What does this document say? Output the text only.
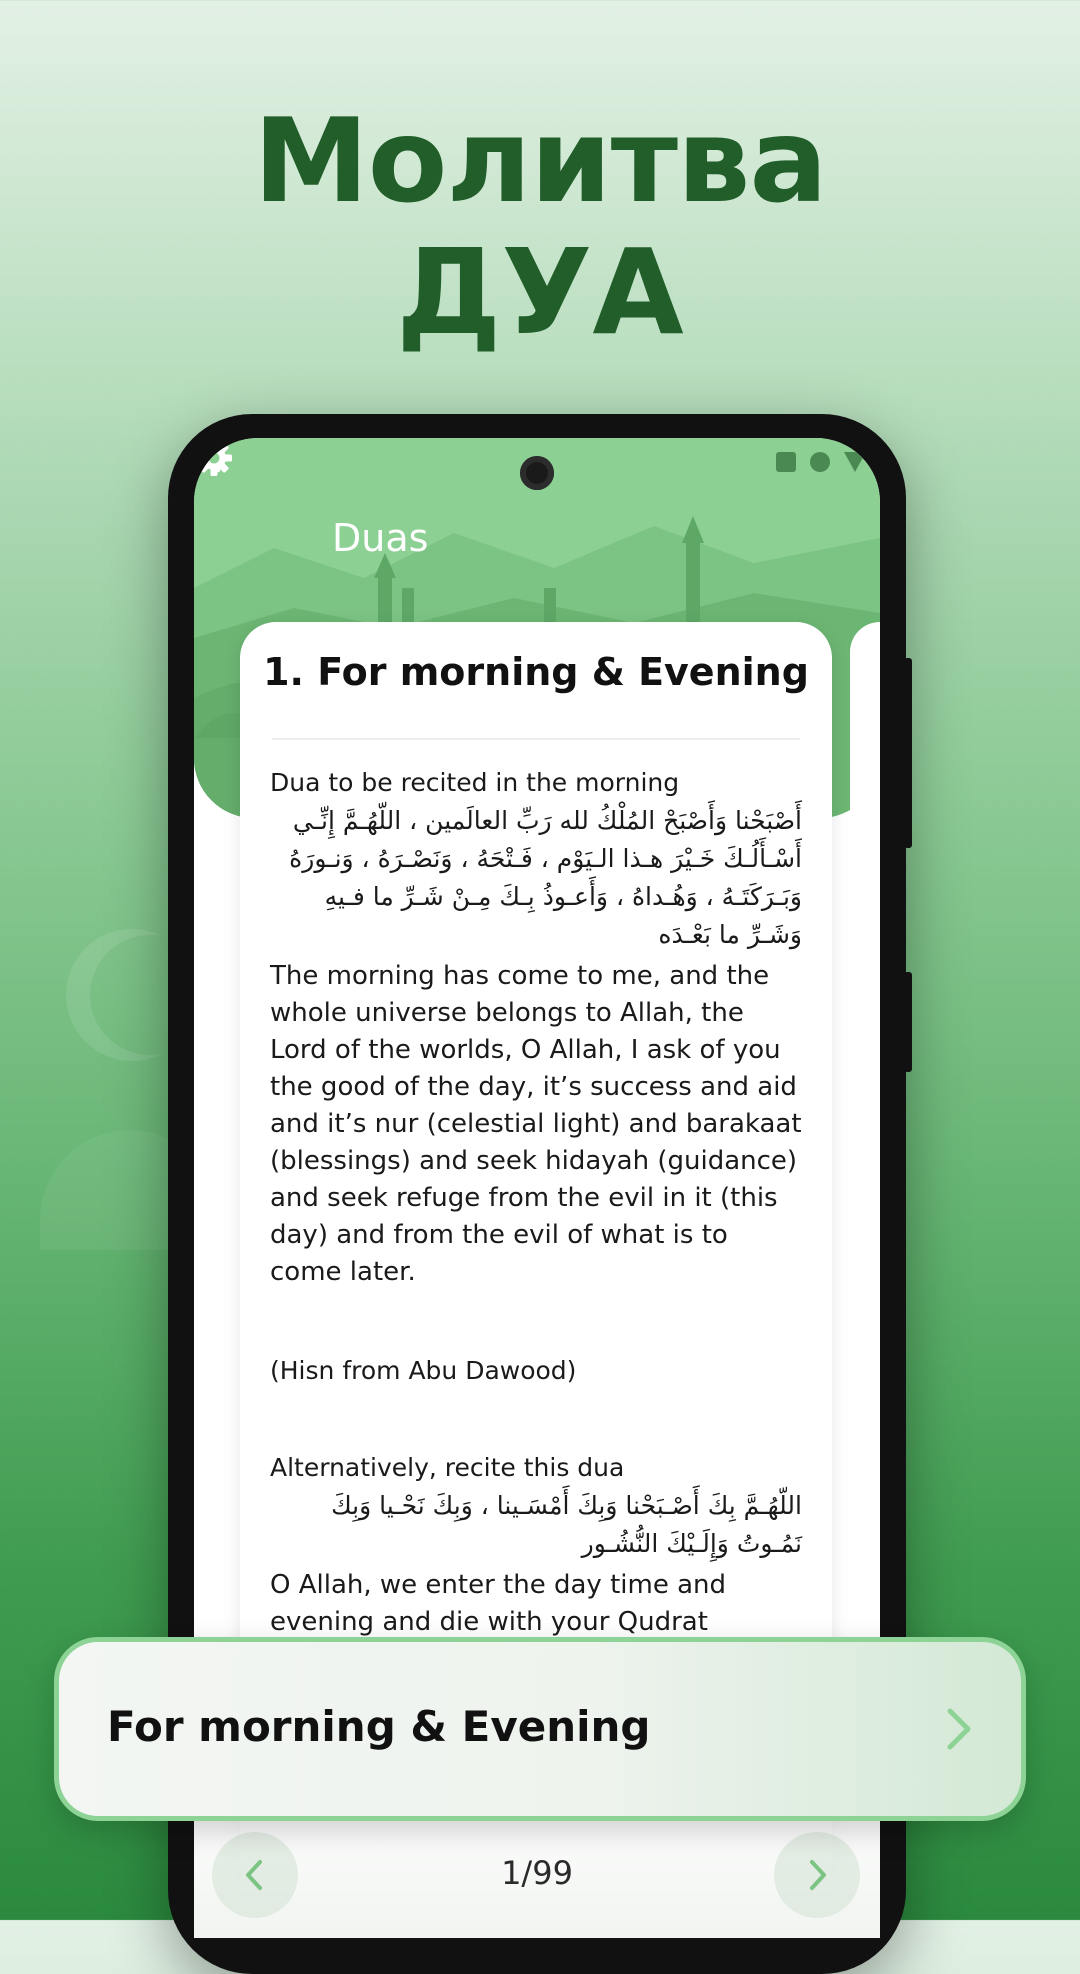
Молитва
ДУА
Duas
1. For morning & Evening
Dua to be recited in the morning
أَصْبَحْنا وَأَصْبَحْ المُلْكُ لله رَبِّ العالَمين ، اللّهُـمَّ إِنِّـي أَسْـأَلُـكَ خَـيْرَ هـذا الـيَوْم ، فَـتْحَهُ ، وَنَصْـرَهُ ، وَنـورَهُ وَبَـرَكَتَـهُ ، وَهُـداهُ ، وَأَعـوذُ بِـكَ مِـنْ شَـرِّ ما فـيهِ وَشَـرِّ ما بَعْـدَه
The morning has come to me, and the whole universe belongs to Allah, the Lord of the worlds, O Allah, I ask of you the good of the day, it’s success and aid and it’s nur (celestial light) and barakaat (blessings) and seek hidayah (guidance) and seek refuge from the evil in it (this day) and from the evil of what is to come later.
(Hisn from Abu Dawood)
Alternatively, recite this dua
اللّهُـمَّ بِكَ أَصْـبَحْنا وَبِكَ أَمْسَـينا ، وَبِكَ نَحْـيا وَبِكَ نَمُـوتُ وَإِلَـيْكَ النُّشُـور
O Allah, we enter the day time and evening and die with your Qudrat
1/99
For morning & Evening
